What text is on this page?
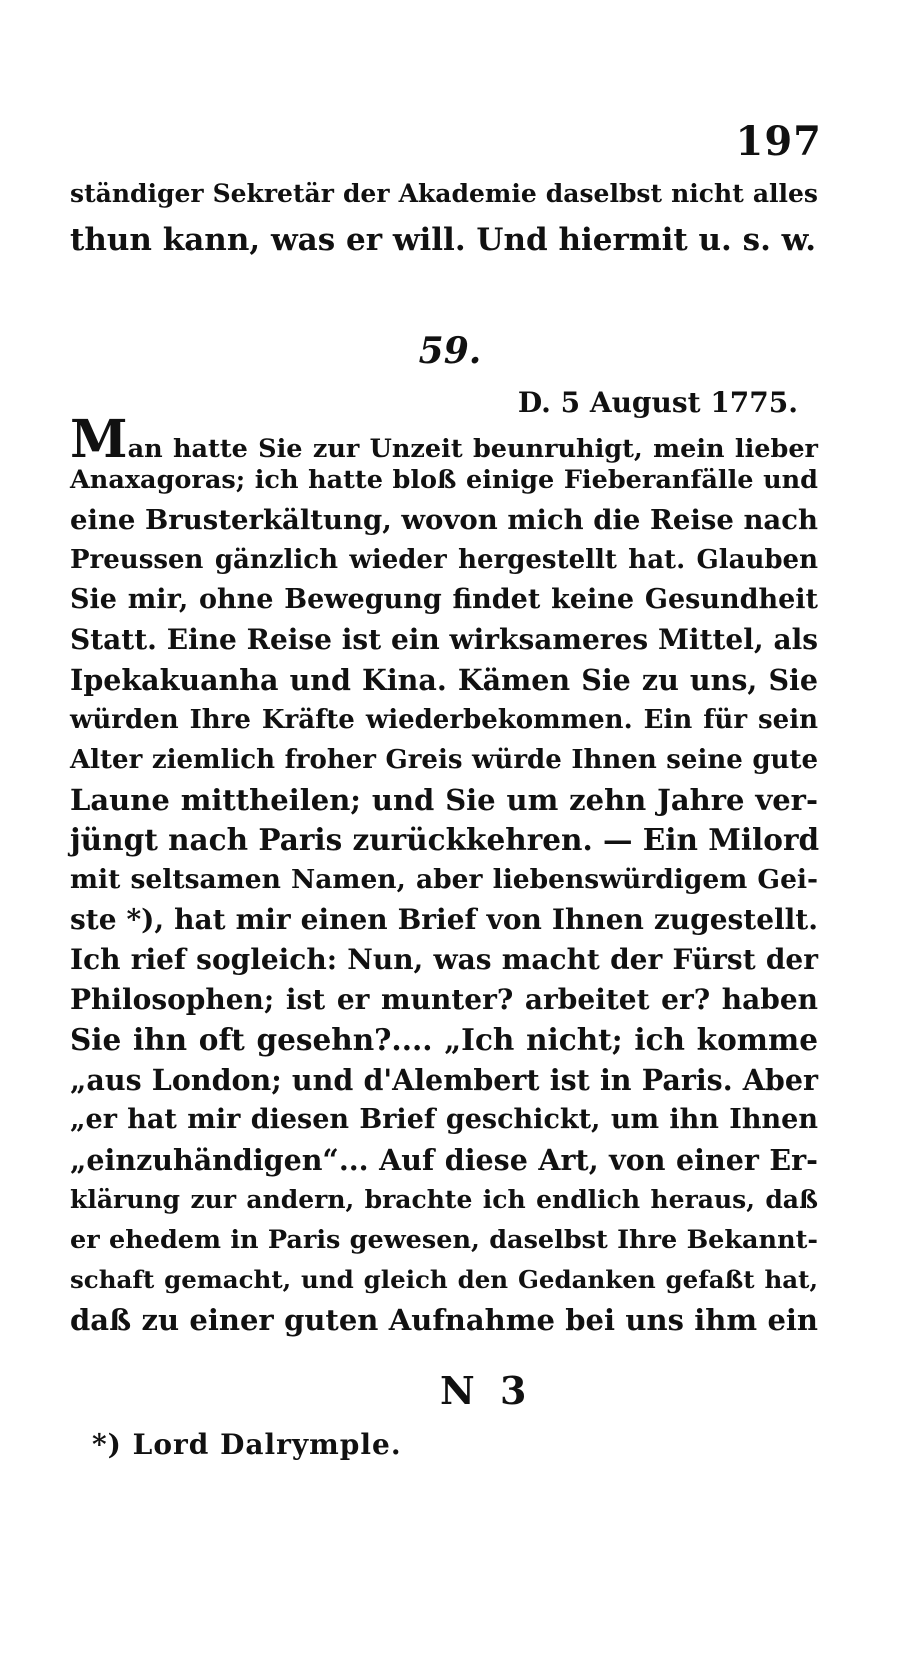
197
ständiger Sekretär der Akademie daselbst nicht alles
thun kann, was er will. Und hiermit u. s. w.
59.
D. 5 August 1775.
Man hatte Sie zur Unzeit beunruhigt, mein lieber
Anaxagoras; ich hatte bloß einige Fieberanfälle und
eine Brusterkältung, wovon mich die Reise nach
Preussen gänzlich wieder hergestellt hat. Glauben
Sie mir, ohne Bewegung findet keine Gesundheit
Statt. Eine Reise ist ein wirksameres Mittel, als
Ipekakuanha und Kina. Kämen Sie zu uns, Sie
würden Ihre Kräfte wiederbekommen. Ein für sein
Alter ziemlich froher Greis würde Ihnen seine gute
Laune mittheilen; und Sie um zehn Jahre ver-
jüngt nach Paris zurückkehren. — Ein Milord
mit seltsamen Namen, aber liebenswürdigem Gei-
ste *), hat mir einen Brief von Ihnen zugestellt.
Ich rief sogleich: Nun, was macht der Fürst der
Philosophen; ist er munter? arbeitet er? haben
Sie ihn oft gesehn?.... „Ich nicht; ich komme
„aus London; und d'Alembert ist in Paris. Aber
„er hat mir diesen Brief geschickt, um ihn Ihnen
„einzuhändigen“... Auf diese Art, von einer Er-
klärung zur andern, brachte ich endlich heraus, daß
er ehedem in Paris gewesen, daselbst Ihre Bekannt-
schaft gemacht, und gleich den Gedanken gefaßt hat,
daß zu einer guten Aufnahme bei uns ihm ein
N 3
*) Lord Dalrymple.
